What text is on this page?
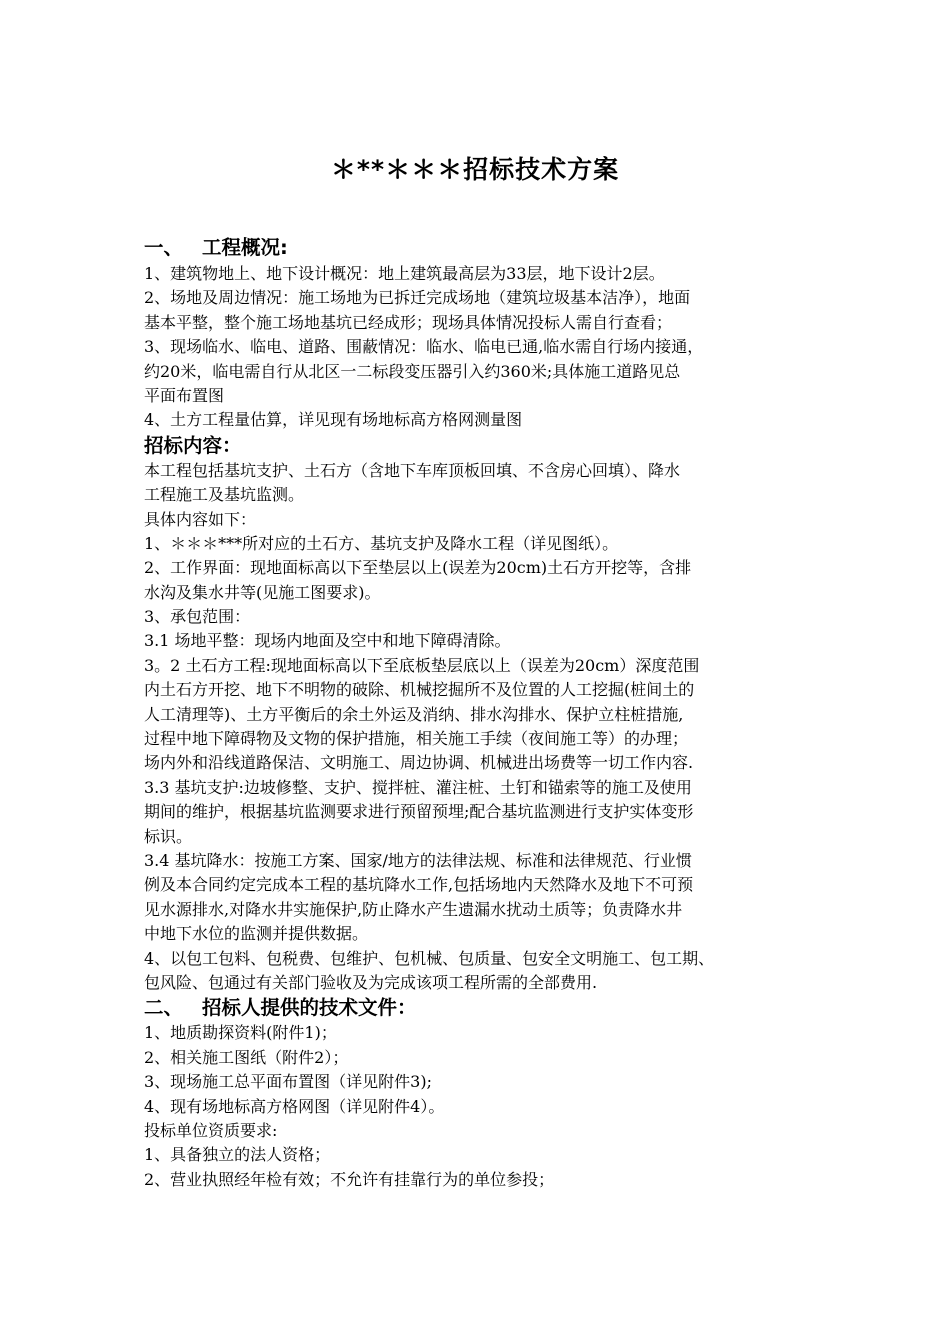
＊**＊＊＊招标技术方案
一、 工程概况:
1、建筑物地上、地下设计概况：地上建筑最高层为33层，地下设计2层。
2、场地及周边情况：施工场地为已拆迁完成场地（建筑垃圾基本洁净），地面
基本平整，整个施工场地基坑已经成形；现场具体情况投标人需自行查看；
3、现场临水、临电、道路、围蔽情况：临水、临电已通,临水需自行场内接通，
约20米，临电需自行从北区一二标段变压器引入约360米;具体施工道路见总
平面布置图
4、土方工程量估算，详见现有场地标高方格网测量图
招标内容：
本工程包括基坑支护、土石方（含地下车库顶板回填、不含房心回填）、降水
工程施工及基坑监测。
具体内容如下：
1、＊＊＊***所对应的土石方、基坑支护及降水工程（详见图纸）。
2、工作界面：现地面标高以下至垫层以上(误差为20cm)土石方开挖等，含排
水沟及集水井等(见施工图要求)。
3、承包范围：
3.1 场地平整：现场内地面及空中和地下障碍清除。
3。2 土石方工程:现地面标高以下至底板垫层底以上（误差为20cm）深度范围
内土石方开挖、地下不明物的破除、机械挖掘所不及位置的人工挖掘(桩间土的
人工清理等)、土方平衡后的余土外运及消纳、排水沟排水、保护立柱桩措施,
过程中地下障碍物及文物的保护措施，相关施工手续（夜间施工等）的办理；
场内外和沿线道路保洁、文明施工、周边协调、机械进出场费等一切工作内容.
3.3 基坑支护:边坡修整、支护、搅拌桩、灌注桩、土钉和锚索等的施工及使用
期间的维护，根据基坑监测要求进行预留预埋;配合基坑监测进行支护实体变形
标识。
3.4 基坑降水：按施工方案、国家/地方的法律法规、标准和法律规范、行业惯
例及本合同约定完成本工程的基坑降水工作,包括场地内天然降水及地下不可预
见水源排水,对降水井实施保护,防止降水产生遗漏水扰动土质等；负责降水井
中地下水位的监测并提供数据。
4、以包工包料、包税费、包维护、包机械、包质量、包安全文明施工、包工期、
包风险、包通过有关部门验收及为完成该项工程所需的全部费用.
二、 招标人提供的技术文件：
1、地质勘探资料(附件1)；
2、相关施工图纸（附件2）；
3、现场施工总平面布置图（详见附件3);
4、现有场地标高方格网图（详见附件4）。
投标单位资质要求:
1、具备独立的法人资格；
2、营业执照经年检有效；不允许有挂靠行为的单位参投；
